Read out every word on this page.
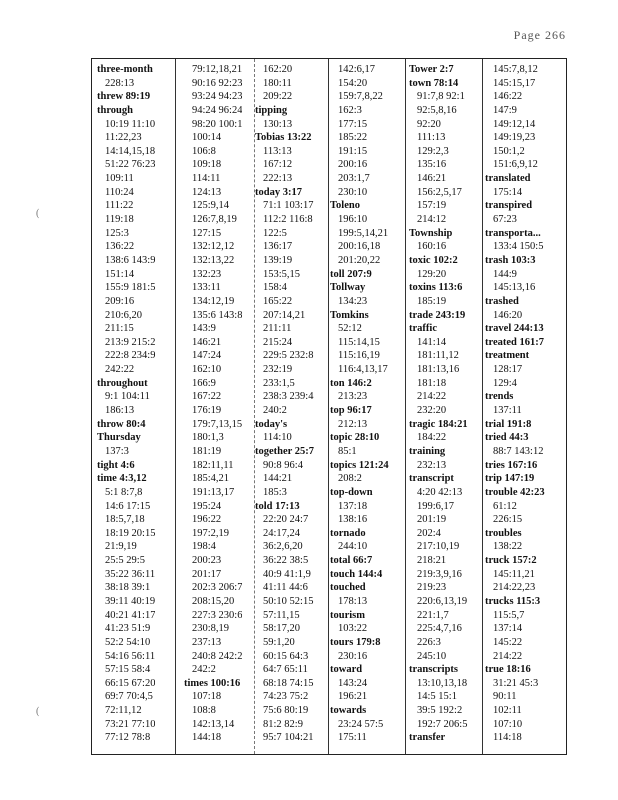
Page 266
three-month
228:13
threw 89:19
through
10:19 11:10
11:22,23
14:14,15,18
51:22 76:23
109:11
110:24
111:22
119:18
125:3
136:22
138:6 143:9
151:14
155:9 181:5
209:16
210:6,20
211:15
213:9 215:2
222:8 234:9
242:22
throughout
9:1 104:11
186:13
throw 80:4
Thursday
137:3
tight 4:6
time 4:3,12
5:1 8:7,8
14:6 17:15
18:5,7,18
18:19 20:15
21:9,19
25:5 29:5
35:22 36:11
38:18 39:1
39:11 40:19
40:21 41:17
41:23 51:9
52:2 54:10
54:16 56:11
57:15 58:4
66:15 67:20
69:7 70:4,5
72:11,12
73:21 77:10
77:12 78:8
79:12,18,21
90:16 92:23
93:24 94:23
94:24 96:24
98:20 100:1
100:14
106:8
109:18
114:11
124:13
125:9,14
126:7,8,19
127:15
132:12,12
132:13,22
132:23
133:11
134:12,19
135:6 143:8
143:9
146:21
147:24
162:10
166:9
167:22
176:19
179:7,13,15
180:1,3
181:19
182:11,11
185:4,21
191:13,17
195:24
196:22
197:2,19
198:4
200:23
201:17
202:3 206:7
208:15,20
227:3 230:6
230:8,19
237:13
240:8 242:2
242:2
times 100:16
107:18
108:8
142:13,14
144:18
162:20
180:11
209:22
tipping
130:13
Tobias 13:22
113:13
167:12
222:13
today 3:17
71:1 103:17
112:2 116:8
122:5
136:17
139:19
153:5,15
158:4
165:22
207:14,21
211:11
215:24
229:5 232:8
232:19
233:1,5
238:3 239:4
240:2
today's
114:10
together 25:7
90:8 96:4
144:21
185:3
told 17:13
22:20 24:7
24:17,24
36:2,6,20
36:22 38:5
40:9 41:1,9
41:11 44:6
50:10 52:15
57:11,15
58:17,20
59:1,20
60:15 64:3
64:7 65:11
68:18 74:15
74:23 75:2
75:6 80:19
81:2 82:9
95:7 104:21
142:6,17
154:20
159:7,8,22
162:3
177:15
185:22
191:15
200:16
203:1,7
230:10
Toleno
196:10
199:5,14,21
200:16,18
201:20,22
toll 207:9
Tollway
134:23
Tomkins
52:12
115:14,15
115:16,19
116:4,13,17
ton 146:2
213:23
top 96:17
212:13
topic 28:10
85:1
topics 121:24
208:2
top-down
137:18
138:16
tornado
244:10
total 66:7
touch 144:4
touched
178:13
tourism
103:22
tours 179:8
230:16
toward
143:24
196:21
towards
23:24 57:5
175:11
Tower 2:7
town 78:14
91:7,8 92:1
92:5,8,16
92:20
111:13
129:2,3
135:16
146:21
156:2,5,17
157:19
214:12
Township
160:16
toxic 102:2
129:20
toxins 113:6
185:19
trade 243:19
traffic
141:14
181:11,12
181:13,16
181:18
214:22
232:20
tragic 184:21
184:22
training
232:13
transcript
4:20 42:13
199:6,17
201:19
202:4
217:10,19
218:21
219:3,9,16
219:23
220:6,13,19
221:1,7
225:4,7,16
226:3
245:10
transcripts
13:10,13,18
14:5 15:1
39:5 192:2
192:7 206:5
transfer
145:7,8,12
145:15,17
146:22
147:9
149:12,14
149:19,23
150:1,2
151:6,9,12
translated
175:14
transpired
67:23
transporta...
133:4 150:5
trash 103:3
144:9
145:13,16
trashed
146:20
travel 244:13
treated 161:7
treatment
128:17
129:4
trends
137:11
trial 191:8
tried 44:3
88:7 143:12
tries 167:16
trip 147:19
trouble 42:23
61:12
226:15
troubles
138:22
truck 157:2
145:11,21
214:22,23
trucks 115:3
115:5,7
137:14
145:22
214:22
true 18:16
31:21 45:3
90:11
102:11
107:10
114:18
(
(
